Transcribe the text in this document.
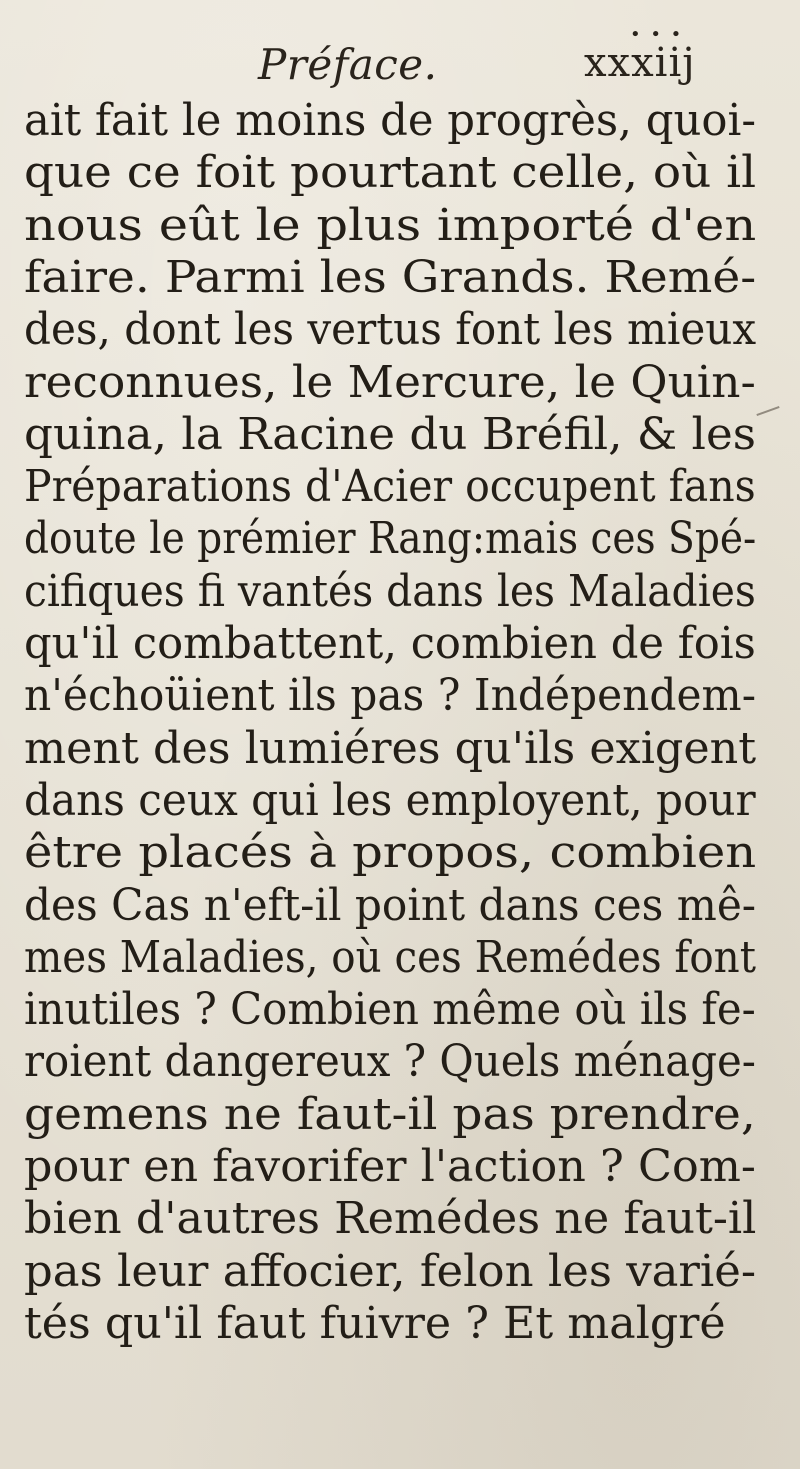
Préface.
• • •
xxxiij
ait fait le moins de progrès, quoi-
que ce foit pourtant celle, où il
nous eût le plus importé d'en
faire. Parmi les Grands. Remé-
des, dont les vertus font les mieux
reconnues, le Mercure, le Quin-
quina, la Racine du Bréfil, & les
Préparations d'Acier occupent fans
doute le prémier Rang:mais ces Spé-
cifiques fi vantés dans les Maladies
qu'il combattent, combien de fois
n'échoüient ils pas ? Indépendem-
ment des lumiéres qu'ils exigent
dans ceux qui les employent, pour
être placés à propos, combien
des Cas n'eft-il point dans ces mê-
mes Maladies, où ces Remédes font
inutiles ? Combien même où ils fe-
roient dangereux ? Quels ménage-
gemens ne faut-il pas prendre,
pour en favorifer l'action ? Com-
bien d'autres Remédes ne faut-il
pas leur affocier, felon les varié-
tés qu'il faut fuivre ? Et malgré
